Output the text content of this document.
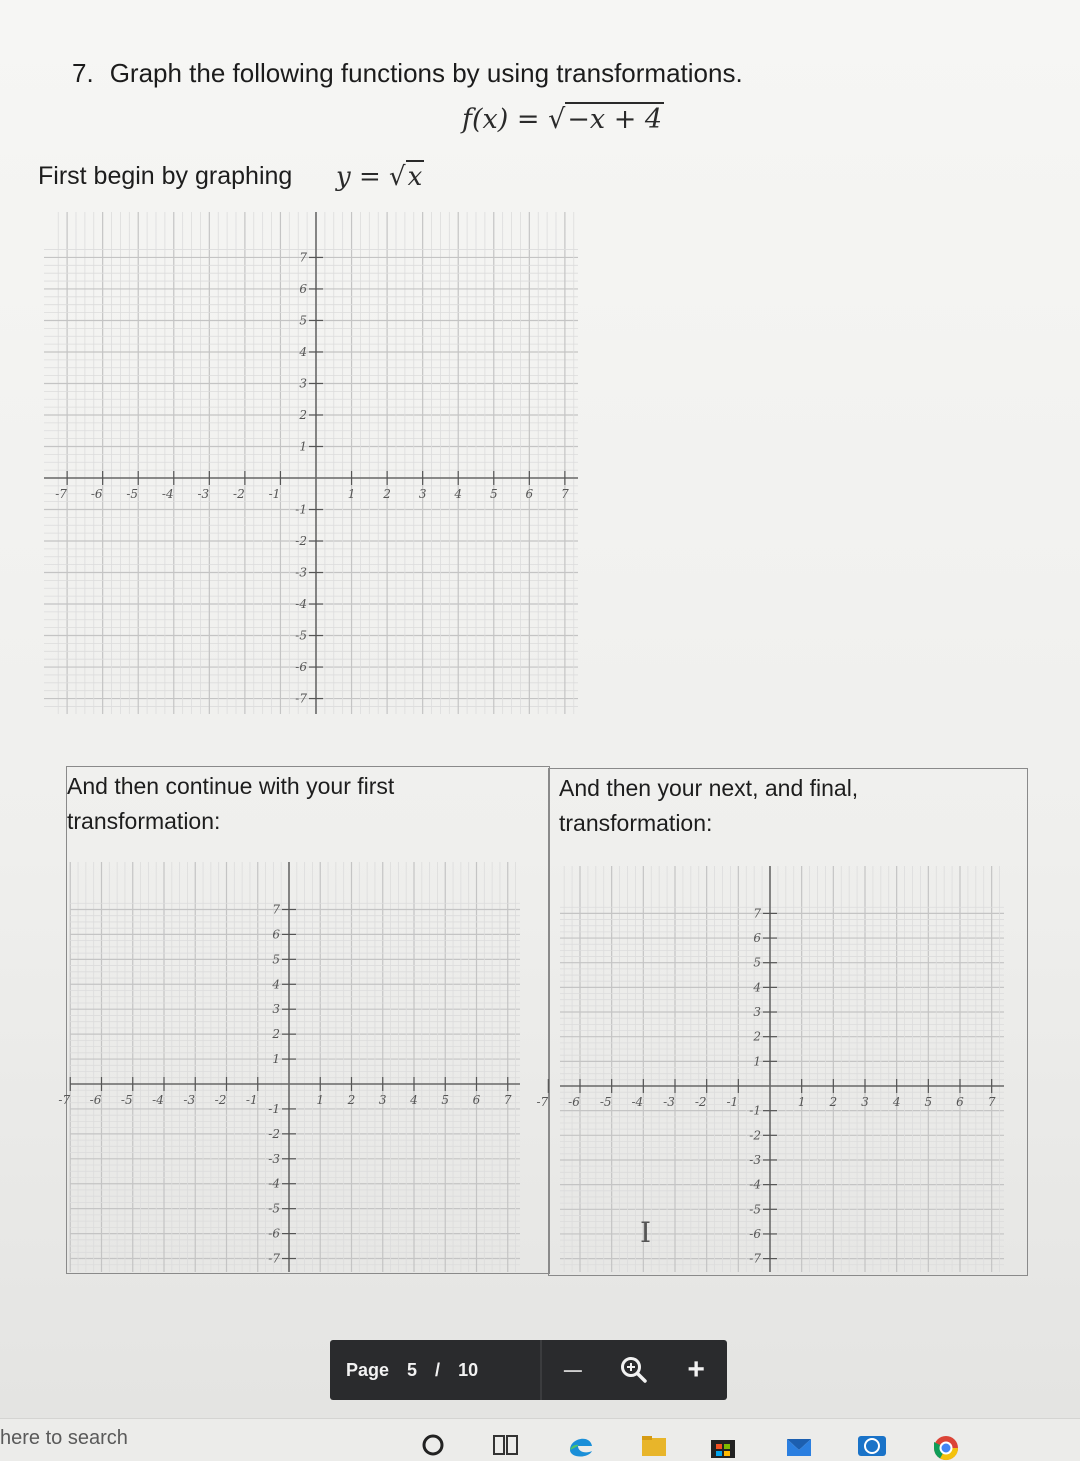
7. Graph the following functions by using transformations.
f(x) = √−x + 4
First begin by graphing y = √x
-7 -6 -5 -4 -3 -2 -1	1 2 3 4 5 6 7
7
6
5
4
3
2
1
-1
-2
-3
-4
-5
-6
-7
And then continue with your first
transformation:
-7 -6 -5 -4 -3 -2 -1	1 2 3 4 5 6 7
7
6
5
4
3
2
1
-1
-2
-3
-4
-5
-6
-7
And then your next, and final,
transformation:
-7 -6 -5 -4 -3 -2 -1	1 2 3 4 5 6 7
7
6
5
4
3
2
1
-1
-2
-3
-4
-5
-6
-7
I
Page 5 / 10	—	+
here to search
